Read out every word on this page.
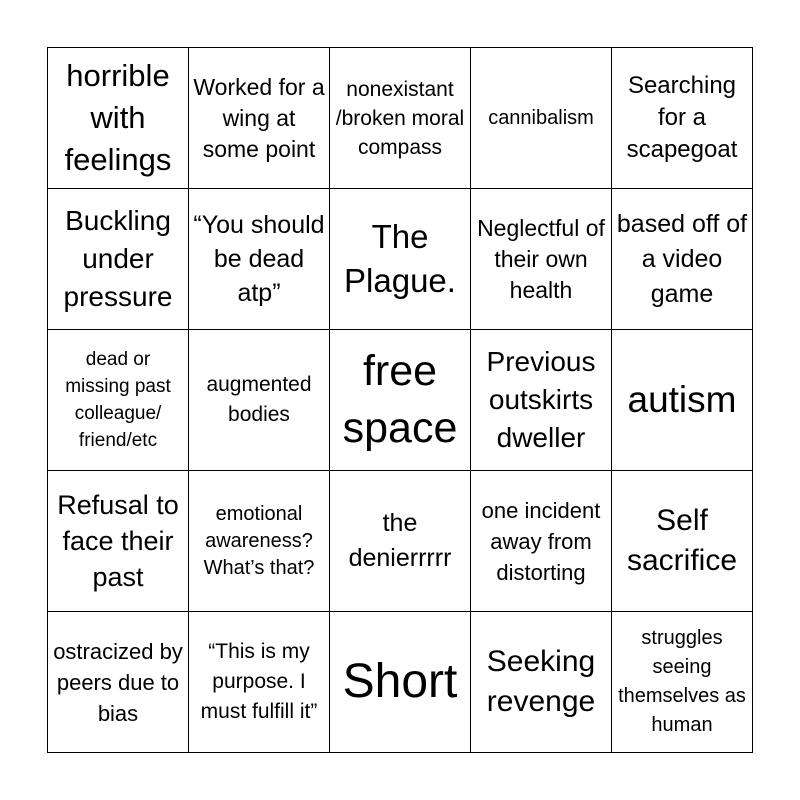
horrible with feelings
Worked for a wing at some point
nonexistant /broken moral compass
cannibalism
Searching for a scapegoat
Buckling under pressure
“You should be dead atp”
The Plague.
Neglectful of their own health
based off of a video game
dead or missing past colleague/ friend/etc
augmented bodies
free space
Previous outskirts dweller
autism
Refusal to face their past
emotional awareness? What’s that?
the denierrrrr
one incident away from distorting
Self sacrifice
ostracized by peers due to bias
“This is my purpose. I must fulfill it”
Short Seeking revenge
struggles seeing themselves as human
